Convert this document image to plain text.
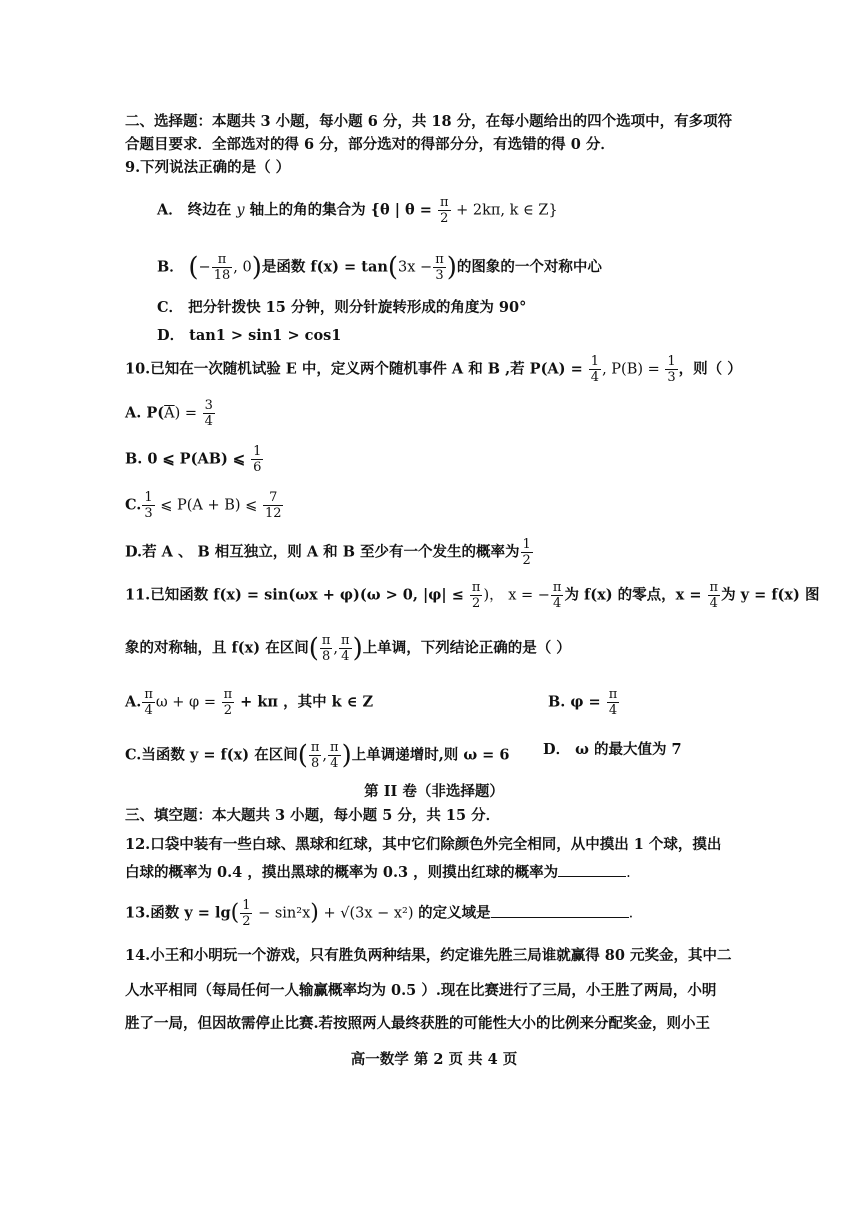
二、选择题：本题共 3 小题，每小题 6 分，共 18 分，在每小题给出的四个选项中，有多项符
合题目要求．全部选对的得 6 分，部分选对的得部分分，有选错的得 0 分．
9.下列说法正确的是（ ）
A． 终边在 y 轴上的角的集合为 {θ | $\theta = \frac{\pi}{2} + 2k\pi$, k ∈ Z}
B． (− $\frac{\pi}{18}$ , 0)是函数 $f(x) = \tan(3x - \frac{\pi}{3}$ )的图象的一个对称中心
C． 把分针拨快 15 分钟，则分针旋转形成的角度为 90°
D． tan1 > sin1 > cos1
10.已知在一次随机试验 E 中，定义两个随机事件 A 和 B ,若 $P(A) = \frac{1}{4}$ , $P(B) = \frac{1}{3}$ ，则（ ）
A. $P(\overline{A}) = \frac{3}{4}$
B. 0 ⩽ P(AB) ⩽ $\frac{1}{6}$
C. $\frac{1}{3}$ ⩽ P(A + B) ⩽ $\frac{7}{12}$
D.若 A 、 B 相互独立，则 A 和 B 至少有一个发生的概率为 $\frac{1}{2}$
11.已知函数 f(x) = sin(ωx + φ)(ω > 0, $|\varphi| \le \frac{\pi}{2}$ )， x = − $\frac{\pi}{4}$ 为 f(x) 的零点，$x = \frac{\pi}{4}$ 为 y = f(x) 图
象的对称轴，且 f(x) 在区间( $\frac{\pi}{8}$ , $\frac{\pi}{4}$ )上单调，下列结论正确的是（ ）
A. $\frac{\pi}{4}$ $\omega + \varphi = \frac{\pi}{2} + k\pi$ ，其中 k ∈ Z	B. $\varphi = \frac{\pi}{4}$
C.当函数 y = f(x) 在区间( $\frac{\pi}{8}$ , $\frac{\pi}{4}$ )上单调递增时,则 ω = 6 D． ω 的最大值为 7
第 II 卷（非选择题）
三、填空题：本大题共 3 小题，每小题 5 分，共 15 分．
12.口袋中装有一些白球、黑球和红球，其中它们除颜色外完全相同，从中摸出 1 个球，摸出
白球的概率为 0.4 ，摸出黑球的概率为 0.3 ，则摸出红球的概率为	.
13.函数 $y = \lg( \frac{1}{2} - \sin^2x) + √(3x - x^2)$ 的定义域是	.
14.小王和小明玩一个游戏，只有胜负两种结果，约定谁先胜三局谁就赢得 80 元奖金，其中二
人水平相同（每局任何一人输赢概率均为 0.5 ）.现在比赛进行了三局，小王胜了两局，小明
胜了一局，但因故需停止比赛.若按照两人最终获胜的可能性大小的比例来分配奖金，则小王
高一数学 第 2 页 共 4 页
